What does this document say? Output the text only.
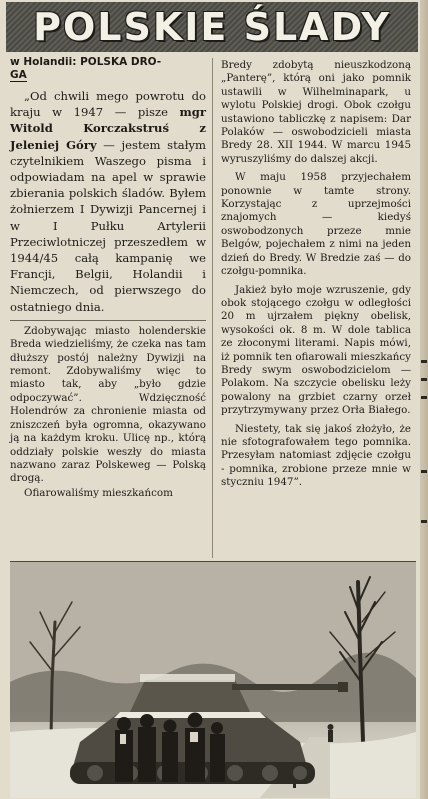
POLSKIE ŚLADY
w Holandii: POLSKA DRO-
GA

„Od chwili mego powrotu do kraju w 1947 — pisze mgr Witold Korczakstruś z Jeleniej Góry — jestem stałym czytelnikiem Waszego pisma i odpowiadam na apel w sprawie zbierania polskich śladów. Byłem żołnierzem I Dywizji Pancernej i w I Pułku Artylerii Przeciwlotniczej przeszedłem w 1944/45 całą kampanię we Francji, Belgii, Holandii i Niemczech, od pierwszego do ostatniego dnia.

Zdobywając miasto holenderskie Breda wiedzieliśmy, że czeka nas tam dłuższy postój należny Dywizji na remont. Zdobywaliśmy więc to miasto tak, aby „było gdzie odpoczywać”. Wdzięczność Holendrów za chronienie miasta od zniszczeń była ogromna, okazywano ją na każdym kroku. Ulicę np., którą oddziały polskie weszły do miasta nazwano zaraz Polskeweg — Polską drogą.

Ofiarowaliśmy mieszkańcom

Bredy zdobytą nieuszkodzoną „Panterę”, którą oni jako pomnik ustawili w Wilhelminapark, u wylotu Polskiej drogi. Obok czołgu ustawiono tabliczkę z napisem: Dar Polaków — oswobodzicieli miasta Bredy 28. XII 1944. W marcu 1945 wyruszyliśmy do dalszej akcji.

W maju 1958 przyjechałem ponownie w tamte strony. Korzystając z uprzejmości znajomych — kiedyś oswobodzonych przeze mnie Belgów, pojechałem z nimi na jeden dzień do Bredy. W Bredzie zaś — do czołgu-pomnika.

Jakież było moje wzruszenie, gdy obok stojącego czołgu w odległości 20 m ujrzałem piękny obelisk, wysokości ok. 8 m. W dole tablica ze złoconymi literami. Napis mówi, iż pomnik ten ofiarowali mieszkańcy Bredy swym oswobodzicielom — Polakom. Na szczycie obelisku leży powalony na grzbiet czarny orzeł przytrzymywany przez Orła Białego.

Niestety, tak się jakoś złożyło, że nie sfotografowałem tego pomnika. Przesyłam natomiast zdjęcie czołgu - pomnika, zrobione przeze mnie w styczniu 1947”.
